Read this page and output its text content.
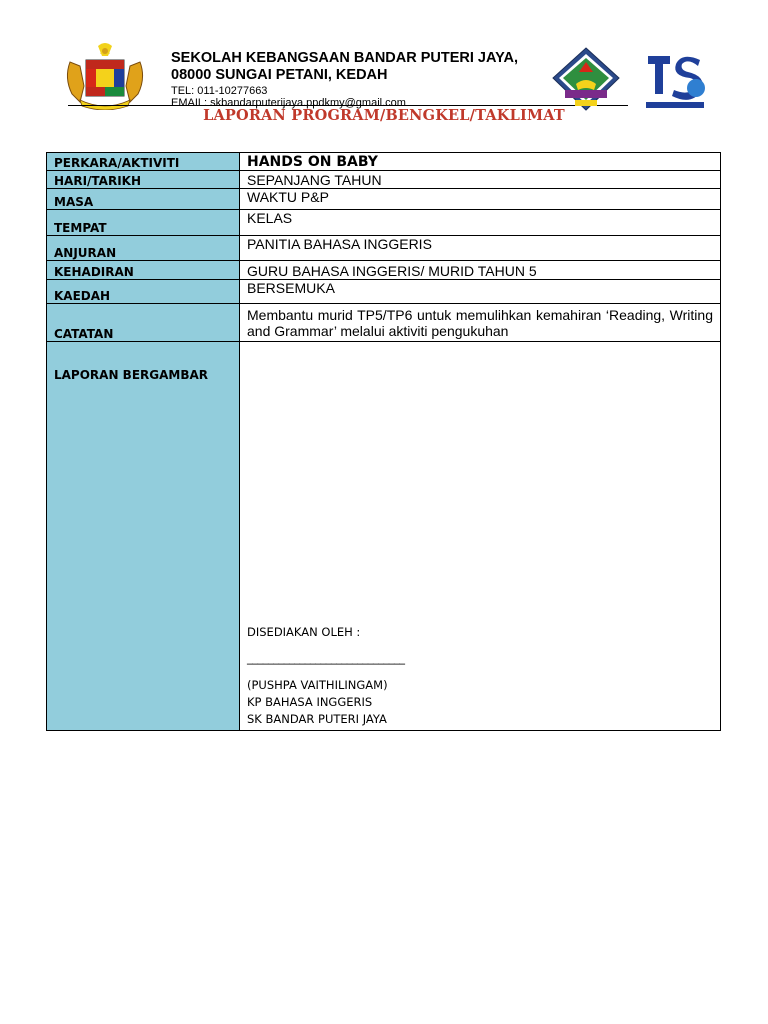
SEKOLAH KEBANGSAAN BANDAR PUTERI JAYA,
08000 SUNGAI PETANI, KEDAH
TEL: 011-10277663
EMAIL: skbandarputerijaya.ppdkmy@gmail.com
LAPORAN PROGRAM/BENGKEL/TAKLIMAT
PERKARA/AKTIVITI	HANDS ON BABY
HARI/TARIKH	SEPANJANG TAHUN
MASA	WAKTU P&P
TEMPAT	KELAS
ANJURAN	PANITIA BAHASA INGGERIS
KEHADIRAN	GURU BAHASA INGGERIS/ MURID TAHUN 5
KAEDAH	BERSEMUKA
CATATAN	Membantu murid TP5/TP6 untuk memulihkan kemahiran ‘Reading, Writing and Grammar’ melalui aktiviti pengukuhan
LAPORAN BERGAMBAR	DISEDIAKAN OLEH :
______________________________
(PUSHPA VAITHILINGAM)
KP BAHASA INGGERIS
SK BANDAR PUTERI JAYA
